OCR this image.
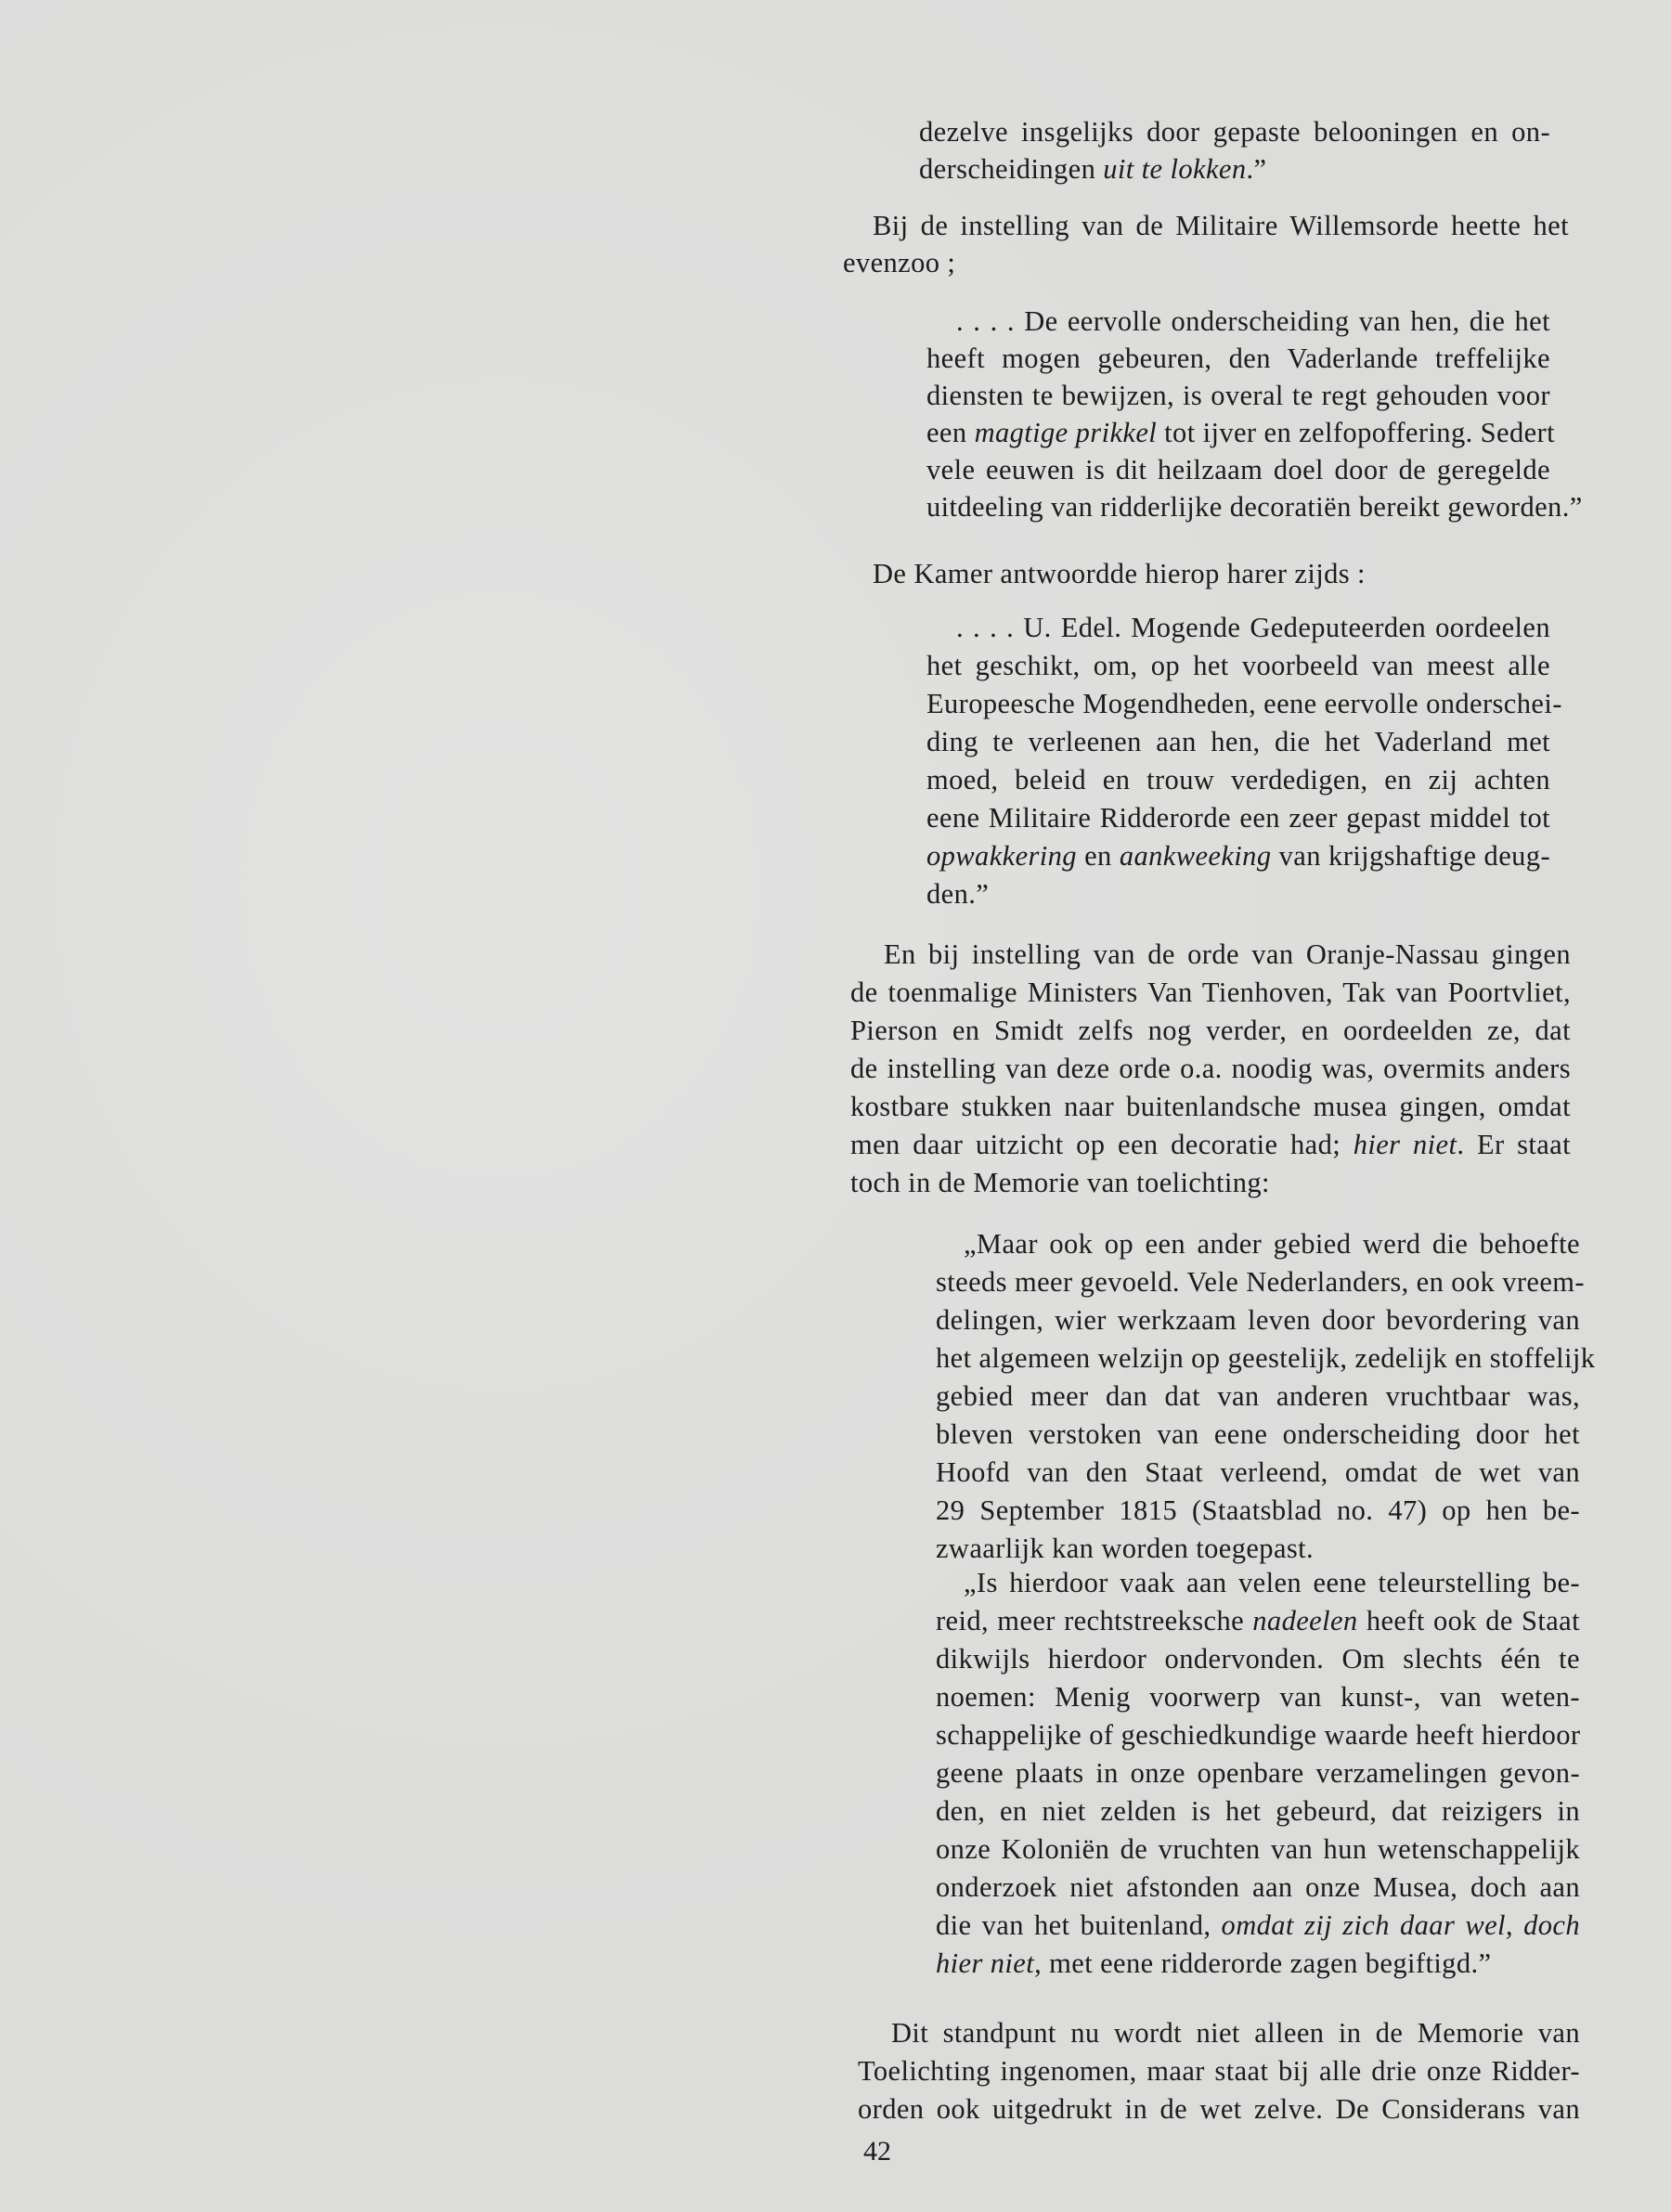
dezelve insgelijks door gepaste belooningen en on-
derscheidingen uit te lokken.”
Bij de instelling van de Militaire Willemsorde heette het
evenzoo ;
. . . . De eervolle onderscheiding van hen, die het
heeft mogen gebeuren, den Vaderlande treffelijke
diensten te bewijzen, is overal te regt gehouden voor
een magtige prikkel tot ijver en zelfopoffering. Sedert
vele eeuwen is dit heilzaam doel door de geregelde
uitdeeling van ridderlijke decoratiën bereikt geworden.”
De Kamer antwoordde hierop harer zijds :
. . . . U. Edel. Mogende Gedeputeerden oordeelen
het geschikt, om, op het voorbeeld van meest alle
Europeesche Mogendheden, eene eervolle onderschei-
ding te verleenen aan hen, die het Vaderland met
moed, beleid en trouw verdedigen, en zij achten
eene Militaire Ridderorde een zeer gepast middel tot
opwakkering en aankweeking van krijgshaftige deug-
den.”
En bij instelling van de orde van Oranje-Nassau gingen
de toenmalige Ministers Van Tienhoven, Tak van Poortvliet,
Pierson en Smidt zelfs nog verder, en oordeelden ze, dat
de instelling van deze orde o.a. noodig was, overmits anders
kostbare stukken naar buitenlandsche musea gingen, omdat
men daar uitzicht op een decoratie had; hier niet. Er staat
toch in de Memorie van toelichting:
„Maar ook op een ander gebied werd die behoefte
steeds meer gevoeld. Vele Nederlanders, en ook vreem-
delingen, wier werkzaam leven door bevordering van
het algemeen welzijn op geestelijk, zedelijk en stoffelijk
gebied meer dan dat van anderen vruchtbaar was,
bleven verstoken van eene onderscheiding door het
Hoofd van den Staat verleend, omdat de wet van
29 September 1815 (Staatsblad no. 47) op hen be-
zwaarlijk kan worden toegepast.
„Is hierdoor vaak aan velen eene teleurstelling be-
reid, meer rechtstreeksche nadeelen heeft ook de Staat
dikwijls hierdoor ondervonden. Om slechts één te
noemen: Menig voorwerp van kunst-, van weten-
schappelijke of geschiedkundige waarde heeft hierdoor
geene plaats in onze openbare verzamelingen gevon-
den, en niet zelden is het gebeurd, dat reizigers in
onze Koloniën de vruchten van hun wetenschappelijk
onderzoek niet afstonden aan onze Musea, doch aan
die van het buitenland, omdat zij zich daar wel, doch
hier niet, met eene ridderorde zagen begiftigd.”
Dit standpunt nu wordt niet alleen in de Memorie van
Toelichting ingenomen, maar staat bij alle drie onze Ridder-
orden ook uitgedrukt in de wet zelve. De Considerans van
42
